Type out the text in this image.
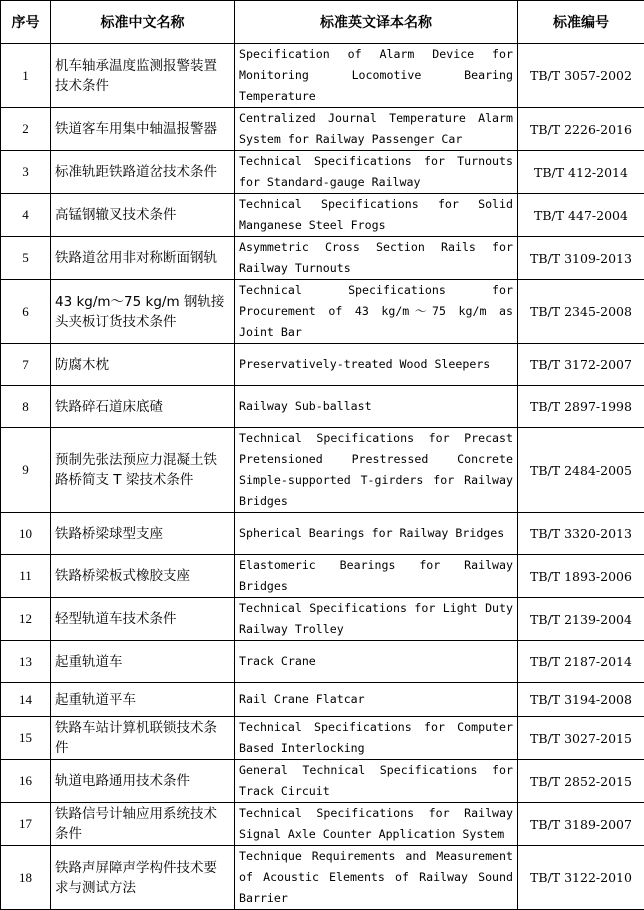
序号	标准中文名称	标准英文译本名称	标准编号
1	机车轴承温度监测报警装置技术条件	Specification of Alarm Device for Monitoring Locomotive Bearing Temperature	TB/T 3057-2002
2	铁道客车用集中轴温报警器	Centralized Journal Temperature Alarm System for Railway Passenger Car	TB/T 2226-2016
3	标准轨距铁路道岔技术条件	Technical Specifications for Turnouts for Standard-gauge Railway	TB/T 412-2014
4	高锰钢辙叉技术条件	Technical Specifications for Solid Manganese Steel Frogs	TB/T 447-2004
5	铁路道岔用非对称断面钢轨	Asymmetric Cross Section Rails for Railway Turnouts	TB/T 3109-2013
6	43 kg/m～75 kg/m 钢轨接头夹板订货技术条件	Technical Specifications for Procurement of 43 kg/m～75 kg/m as Joint Bar	TB/T 2345-2008
7	防腐木枕	Preservatively-treated Wood Sleepers	TB/T 3172-2007
8	铁路碎石道床底碴	Railway Sub-ballast	TB/T 2897-1998
9	预制先张法预应力混凝土铁路桥简支 T 梁技术条件	Technical Specifications for Precast Pretensioned Prestressed Concrete Simple-supported T-girders for Railway Bridges	TB/T 2484-2005
10	铁路桥梁球型支座	Spherical Bearings for Railway Bridges	TB/T 3320-2013
11	铁路桥梁板式橡胶支座	Elastomeric Bearings for Railway Bridges	TB/T 1893-2006
12	轻型轨道车技术条件	Technical Specifications for Light Duty Railway Trolley	TB/T 2139-2004
13	起重轨道车	Track Crane	TB/T 2187-2014
14	起重轨道平车	Rail Crane Flatcar	TB/T 3194-2008
15	铁路车站计算机联锁技术条件	Technical Specifications for Computer Based Interlocking	TB/T 3027-2015
16	轨道电路通用技术条件	General Technical Specifications for Track Circuit	TB/T 2852-2015
17	铁路信号计轴应用系统技术条件	Technical Specifications for Railway Signal Axle Counter Application System	TB/T 3189-2007
18	铁路声屏障声学构件技术要求与测试方法	Technique Requirements and Measurement of Acoustic Elements of Railway Sound Barrier	TB/T 3122-2010
